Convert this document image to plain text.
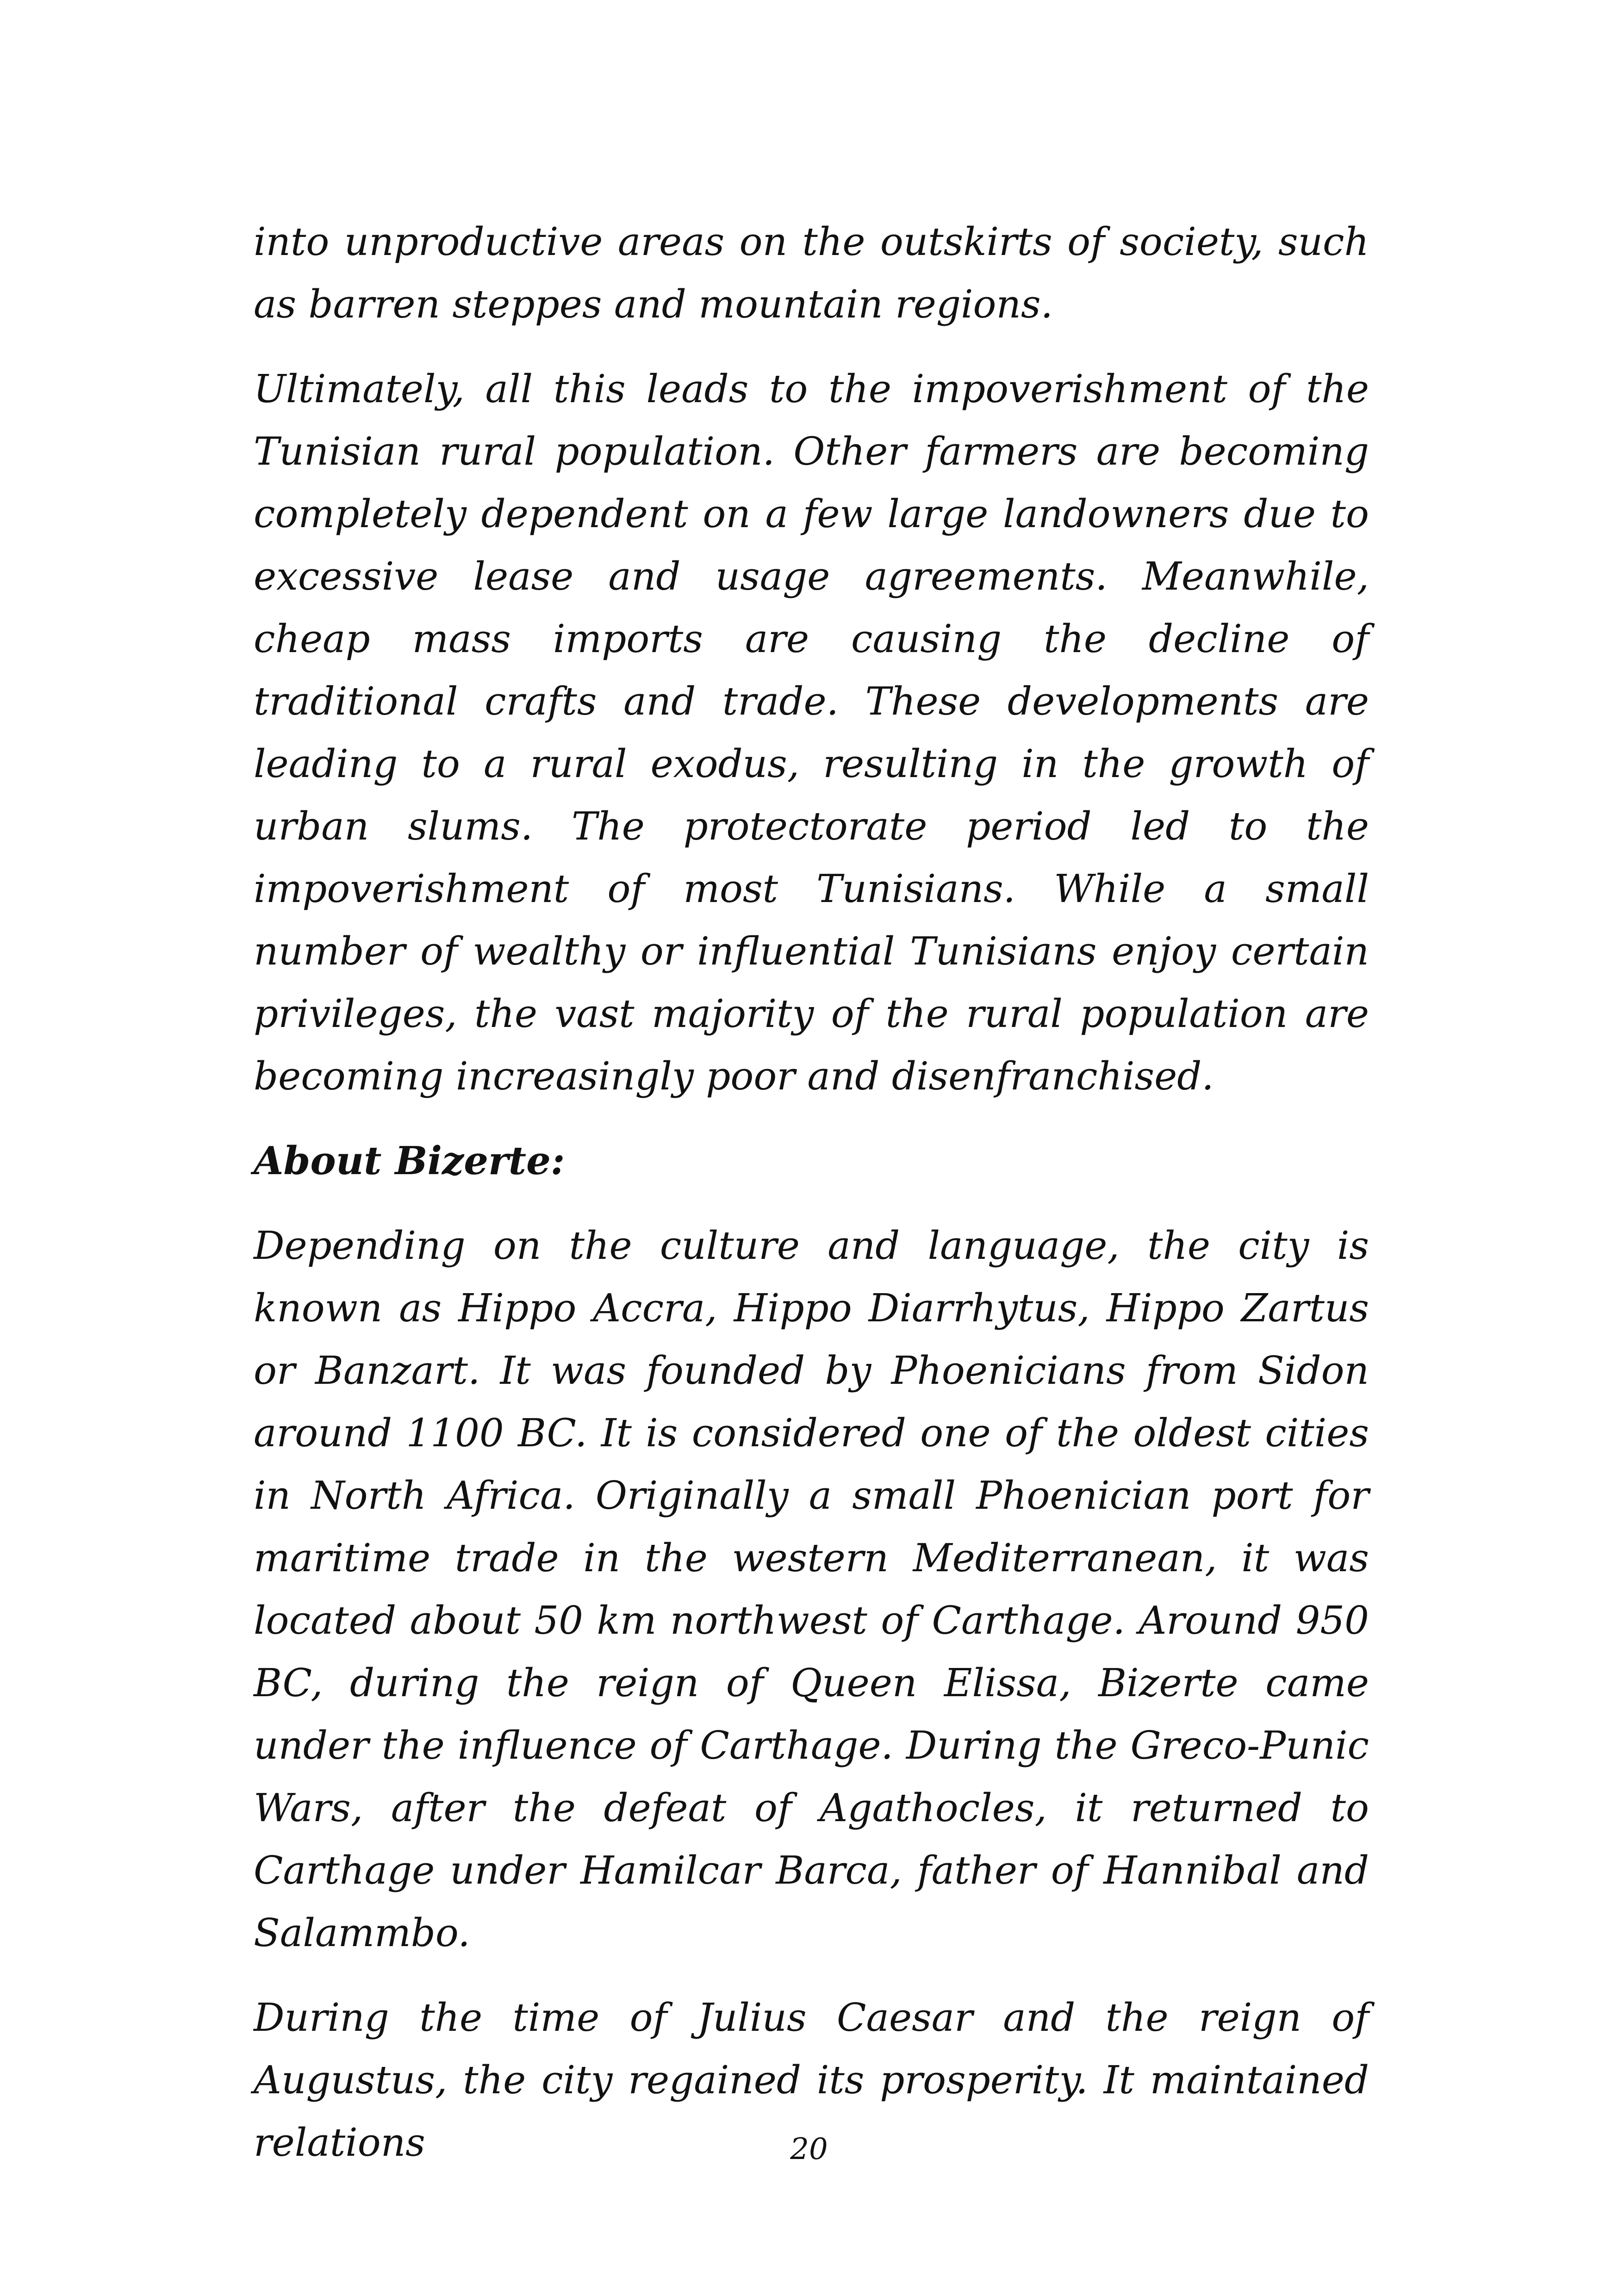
into unproductive areas on the outskirts of society, such as barren steppes and mountain regions.

Ultimately, all this leads to the impoverishment of the Tunisian rural population. Other farmers are becoming completely dependent on a few large landowners due to excessive lease and usage agreements. Meanwhile, cheap mass imports are causing the decline of traditional crafts and trade. These developments are leading to a rural exodus, resulting in the growth of urban slums. The protectorate period led to the impoverishment of most Tunisians. While a small number of wealthy or influential Tunisians enjoy certain privileges, the vast majority of the rural population are becoming increasingly poor and disenfranchised.

About Bizerte:

Depending on the culture and language, the city is known as Hippo Accra, Hippo Diarrhytus, Hippo Zartus or Banzart. It was founded by Phoenicians from Sidon around 1100 BC. It is considered one of the oldest cities in North Africa. Originally a small Phoenician port for maritime trade in the western Mediterranean, it was located about 50 km northwest of Carthage. Around 950 BC, during the reign of Queen Elissa, Bizerte came under the influence of Carthage. During the Greco-Punic Wars, after the defeat of Agathocles, it returned to Carthage under Hamilcar Barca, father of Hannibal and Salammbo.

During the time of Julius Caesar and the reign of Augustus, the city regained its prosperity. It maintained relations	20
